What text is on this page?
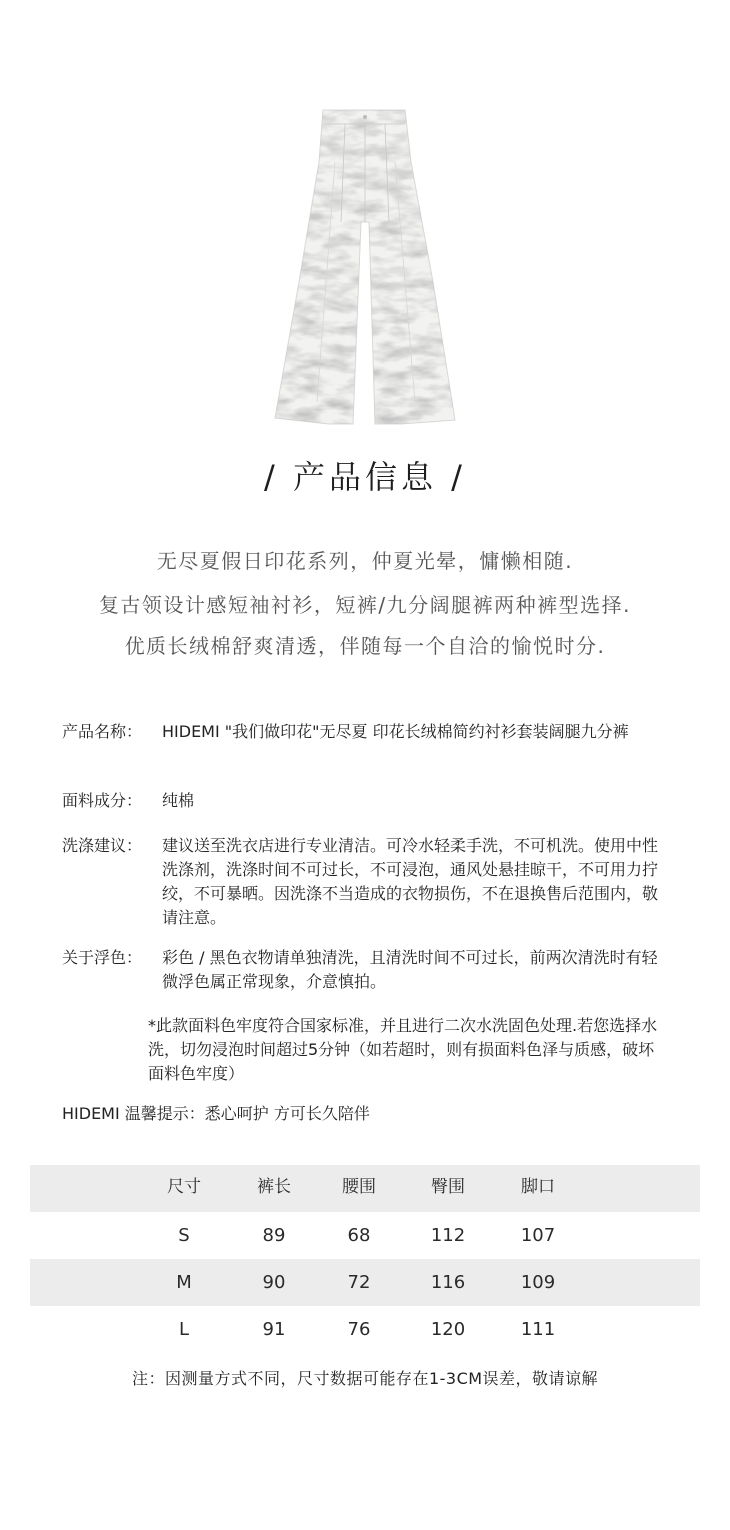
/ 产品信息 /
无尽夏假日印花系列，仲夏光晕，慵懒相随.
复古领设计感短袖衬衫，短裤/九分阔腿裤两种裤型选择.
优质长绒棉舒爽清透，伴随每一个自洽的愉悦时分.
产品名称： HIDEMI "我们做印花"无尽夏 印花长绒棉简约衬衫套装阔腿九分裤
面料成分： 纯棉
洗涤建议： 建议送至洗衣店进行专业清洁。可冷水轻柔手洗，不可机洗。使用中性洗涤剂，洗涤时间不可过长，不可浸泡，通风处悬挂晾干，不可用力拧绞，不可暴晒。因洗涤不当造成的衣物损伤，不在退换售后范围内，敬请注意。
关于浮色： 彩色 / 黑色衣物请单独清洗，且清洗时间不可过长，前两次清洗时有轻微浮色属正常现象，介意慎拍。
*此款面料色牢度符合国家标准，并且进行二次水洗固色处理.若您选择水洗，切勿浸泡时间超过5分钟（如若超时，则有损面料色泽与质感，破坏面料色牢度）
HIDEMI 温馨提示：悉心呵护 方可长久陪伴
尺寸	裤长	腰围	臀围	脚口
S	89	68	112	107
M	90	72	116	109
L	91	76	120	111
注：因测量方式不同，尺寸数据可能存在1-3CM误差，敬请谅解
